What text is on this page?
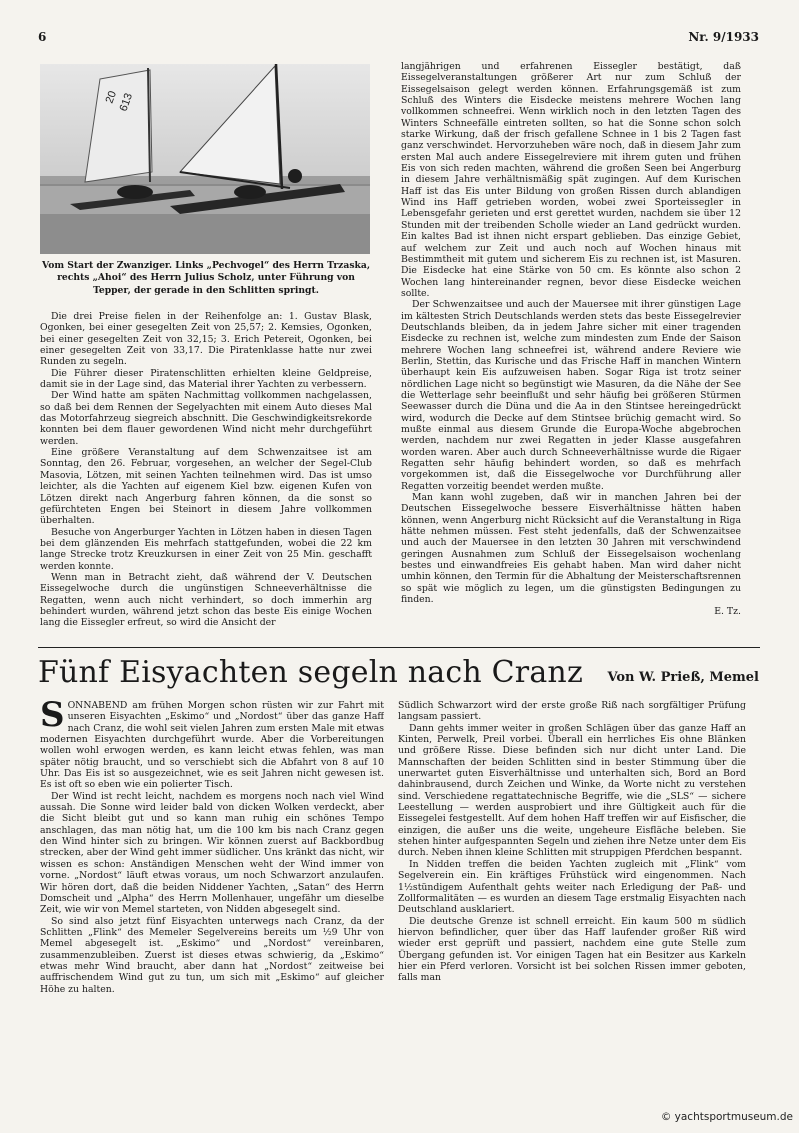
6	Nr. 9/1933
20
613
Vom Start der Zwanziger. Links „Pechvogel“ des Herrn Trzaska, rechts „Ahoi“ des Herrn Julius Scholz, unter Führung von Tepper, der gerade in den Schlitten springt.

Die drei Preise fielen in der Reihenfolge an: 1. Gustav Blask, Ogonken, bei einer gesegelten Zeit von 25,57; 2. Kemsies, Ogonken, bei einer gesegelten Zeit von 32,15; 3. Erich Petereit, Ogonken, bei einer gesegelten Zeit von 33,17. Die Piratenklasse hatte nur zwei Runden zu segeln.

Die Führer dieser Piratenschlitten erhielten kleine Geldpreise, damit sie in der Lage sind, das Material ihrer Yachten zu verbessern.

Der Wind hatte am späten Nachmittag vollkommen nachgelassen, so daß bei dem Rennen der Segelyachten mit einem Auto dieses Mal das Motorfahrzeug siegreich abschnitt. Die Geschwindigkeitsrekorde konnten bei dem flauer gewordenen Wind nicht mehr durchgeführt werden.

Eine größere Veranstaltung auf dem Schwenzaitsee ist am Sonntag, den 26. Februar, vorgesehen, an welcher der Segel-Club Masovia, Lötzen, mit seinen Yachten teilnehmen wird. Das ist umso leichter, als die Yachten auf eigenem Kiel bzw. eigenen Kufen von Lötzen direkt nach Angerburg fahren können, da die sonst so gefürchteten Engen bei Steinort in diesem Jahre vollkommen überhalten.

Besuche von Angerburger Yachten in Lötzen haben in diesen Tagen bei dem glänzenden Eis mehrfach stattgefunden, wobei die 22 km lange Strecke trotz Kreuzkursen in einer Zeit von 25 Min. geschafft werden konnte.

Wenn man in Betracht zieht, daß während der V. Deutschen Eissegelwoche durch die ungünstigen Schneeverhältnisse die Regatten, wenn auch nicht verhindert, so doch immerhin arg behindert wurden, während jetzt schon das beste Eis einige Wochen lang die Eissegler erfreut, so wird die Ansicht der

langjährigen und erfahrenen Eissegler bestätigt, daß Eissegelveranstaltungen größerer Art nur zum Schluß der Eissegelsaison gelegt werden können. Erfahrungsgemäß ist zum Schluß des Winters die Eisdecke meistens mehrere Wochen lang vollkommen schneefrei. Wenn wirklich noch in den letzten Tagen des Winters Schneefälle eintreten sollten, so hat die Sonne schon solch starke Wirkung, daß der frisch gefallene Schnee in 1 bis 2 Tagen fast ganz verschwindet. Hervorzuheben wäre noch, daß in diesem Jahr zum ersten Mal auch andere Eissegelreviere mit ihrem guten und frühen Eis von sich reden machten, während die großen Seen bei Angerburg in diesem Jahre verhältnismäßig spät zugingen. Auf dem Kurischen Haff ist das Eis unter Bildung von großen Rissen durch ablandigen Wind ins Haff getrieben worden, wobei zwei Sporteissegler in Lebensgefahr gerieten und erst gerettet wurden, nachdem sie über 12 Stunden mit der treibenden Scholle wieder an Land gedrückt wurden. Ein kaltes Bad ist ihnen nicht erspart geblieben. Das einzige Gebiet, auf welchem zur Zeit und auch noch auf Wochen hinaus mit Bestimmtheit mit gutem und sicherem Eis zu rechnen ist, ist Masuren. Die Eisdecke hat eine Stärke von 50 cm. Es könnte also schon 2 Wochen lang hintereinander regnen, bevor diese Eisdecke weichen sollte.

Der Schwenzaitsee und auch der Mauersee mit ihrer günstigen Lage im kältesten Strich Deutschlands werden stets das beste Eissegelrevier Deutschlands bleiben, da in jedem Jahre sicher mit einer tragenden Eisdecke zu rechnen ist, welche zum mindesten zum Ende der Saison mehrere Wochen lang schneefrei ist, während andere Reviere wie Berlin, Stettin, das Kurische und das Frische Haff in manchen Wintern überhaupt kein Eis aufzuweisen haben. Sogar Riga ist trotz seiner nördlichen Lage nicht so begünstigt wie Masuren, da die Nähe der See die Wetterlage sehr beeinflußt und sehr häufig bei größeren Stürmen Seewasser durch die Düna und die Aa in den Stintsee hereingedrückt wird, wodurch die Decke auf dem Stintsee brüchig gemacht wird. So mußte einmal aus diesem Grunde die Europa-Woche abgebrochen werden, nachdem nur zwei Regatten in jeder Klasse ausgefahren worden waren. Aber auch durch Schneeverhältnisse wurde die Rigaer Regatten sehr häufig behindert worden, so daß es mehrfach vorgekommen ist, daß die Eissegelwoche vor Durchführung aller Regatten vorzeitig beendet werden mußte.

Man kann wohl zugeben, daß wir in manchen Jahren bei der Deutschen Eissegelwoche bessere Eisverhältnisse hätten haben können, wenn Angerburg nicht Rücksicht auf die Veranstaltung in Riga hätte nehmen müssen. Fest steht jedenfalls, daß der Schwenzaitsee und auch der Mauersee in den letzten 30 Jahren mit verschwindend geringen Ausnahmen zum Schluß der Eissegelsaison wochenlang bestes und einwandfreies Eis gehabt haben. Man wird daher nicht umhin können, den Termin für die Abhaltung der Meisterschaftsrennen so spät wie möglich zu legen, um die günstigsten Bedingungen zu finden.

E. Tz.

Fünf Eisyachten segeln nach Cranz Von W. Prieß, Memel

SONNABEND am frühen Morgen schon rüsten wir zur Fahrt mit unseren Eisyachten „Eskimo“ und „Nordost“ über das ganze Haff nach Cranz, die wohl seit vielen Jahren zum ersten Male mit etwas modernen Eisyachten durchgeführt wurde. Aber die Vorbereitungen wollen wohl erwogen werden, es kann leicht etwas fehlen, was man später nötig braucht, und so verschiebt sich die Abfahrt von 8 auf 10 Uhr. Das Eis ist so ausgezeichnet, wie es seit Jahren nicht gewesen ist. Es ist oft so eben wie ein polierter Tisch.

Der Wind ist recht leicht, nachdem es morgens noch nach viel Wind aussah. Die Sonne wird leider bald von dicken Wolken verdeckt, aber die Sicht bleibt gut und so kann man ruhig ein schönes Tempo anschlagen, das man nötig hat, um die 100 km bis nach Cranz gegen den Wind hinter sich zu bringen. Wir können zuerst auf Backbordbug strecken, aber der Wind geht immer südlicher. Uns kränkt das nicht, wir wissen es schon: Anständigen Menschen weht der Wind immer von vorne. „Nordost“ läuft etwas voraus, um noch Schwarzort anzulaufen. Wir hören dort, daß die beiden Niddener Yachten, „Satan“ des Herrn Domscheit und „Alpha“ des Herrn Mollenhauer, ungefähr um dieselbe Zeit, wie wir von Memel starteten, von Nidden abgesegelt sind.

So sind also jetzt fünf Eisyachten unterwegs nach Cranz, da der Schlitten „Flink“ des Memeler Segelvereins bereits um ½9 Uhr von Memel abgesegelt ist. „Eskimo“ und „Nordost“ vereinbaren, zusammenzubleiben. Zuerst ist dieses etwas schwierig, da „Eskimo“ etwas mehr Wind braucht, aber dann hat „Nordost“ zeitweise bei auffrischendem Wind gut zu tun, um sich mit „Eskimo“ auf gleicher Höhe zu halten.

Südlich Schwarzort wird der erste große Riß nach sorgfältiger Prüfung langsam passiert.

Dann gehts immer weiter in großen Schlägen über das ganze Haff an Kinten, Perwelk, Preil vorbei. Überall ein herrliches Eis ohne Blänken und größere Risse. Diese befinden sich nur dicht unter Land. Die Mannschaften der beiden Schlitten sind in bester Stimmung über die unerwartet guten Eisverhältnisse und unterhalten sich, Bord an Bord dahinbrausend, durch Zeichen und Winke, da Worte nicht zu verstehen sind. Verschiedene regattatechnische Begriffe, wie die „SLS“ — sichere Leestellung — werden ausprobiert und ihre Gültigkeit auch für die Eissegelei festgestellt. Auf dem hohen Haff treffen wir auf Eisfischer, die einzigen, die außer uns die weite, ungeheure Eisfläche beleben. Sie stehen hinter aufgespannten Segeln und ziehen ihre Netze unter dem Eis durch. Neben ihnen kleine Schlitten mit struppigen Pferdchen bespannt.

In Nidden treffen die beiden Yachten zugleich mit „Flink“ vom Segelverein ein. Ein kräftiges Frühstück wird eingenommen. Nach 1½stündigem Aufenthalt gehts weiter nach Erledigung der Paß- und Zollformalitäten — es wurden an diesem Tage erstmalig Eisyachten nach Deutschland ausklariert.

Die deutsche Grenze ist schnell erreicht. Ein kaum 500 m südlich hiervon befindlicher, quer über das Haff laufender großer Riß wird wieder erst geprüft und passiert, nachdem eine gute Stelle zum Übergang gefunden ist. Vor einigen Tagen hat ein Besitzer aus Karkeln hier ein Pferd verloren. Vorsicht ist bei solchen Rissen immer geboten, falls man

© yachtsportmuseum.de
